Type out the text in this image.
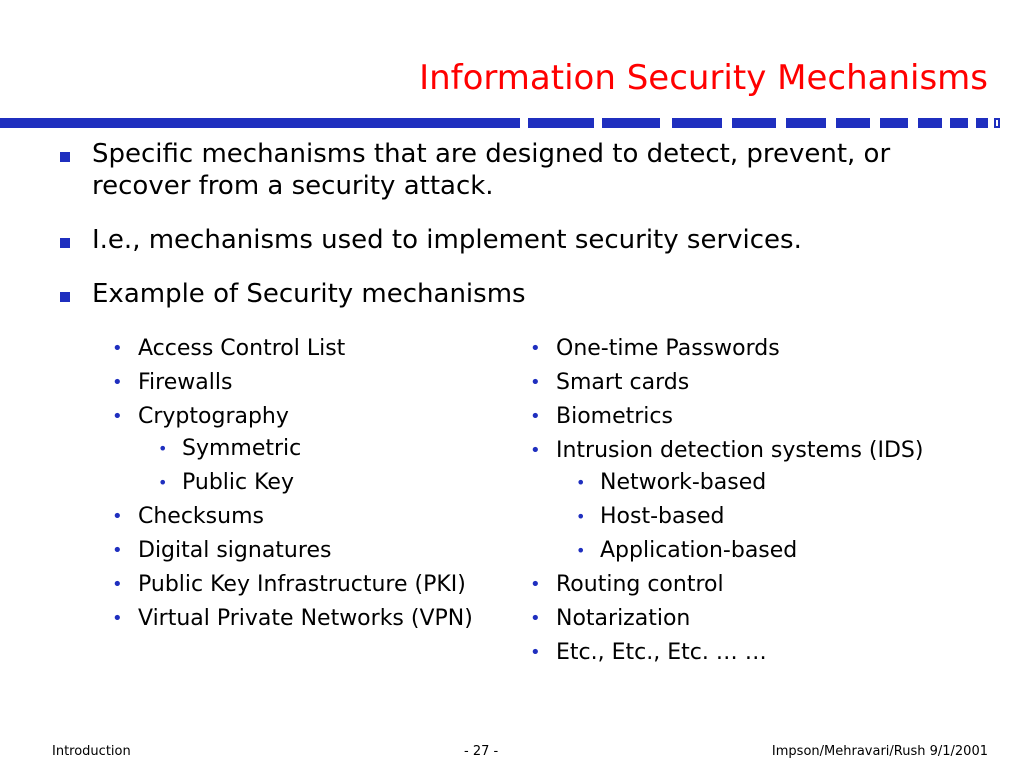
Information Security Mechanisms
Specific mechanisms that are designed to detect, prevent, or recover from a security attack.
I.e., mechanisms used to implement security services.
Example of Security mechanisms
• Access Control List
• Firewalls
• Cryptography
• Symmetric
• Public Key
• Checksums
• Digital signatures
• Public Key Infrastructure (PKI)
• Virtual Private Networks (VPN)
• One-time Passwords
• Smart cards
• Biometrics
• Intrusion detection systems (IDS)
• Network-based
• Host-based
• Application-based
• Routing control
• Notarization
• Etc., Etc., Etc. … …
Introduction	- 27 -	Impson/Mehravari/Rush 9/1/2001
